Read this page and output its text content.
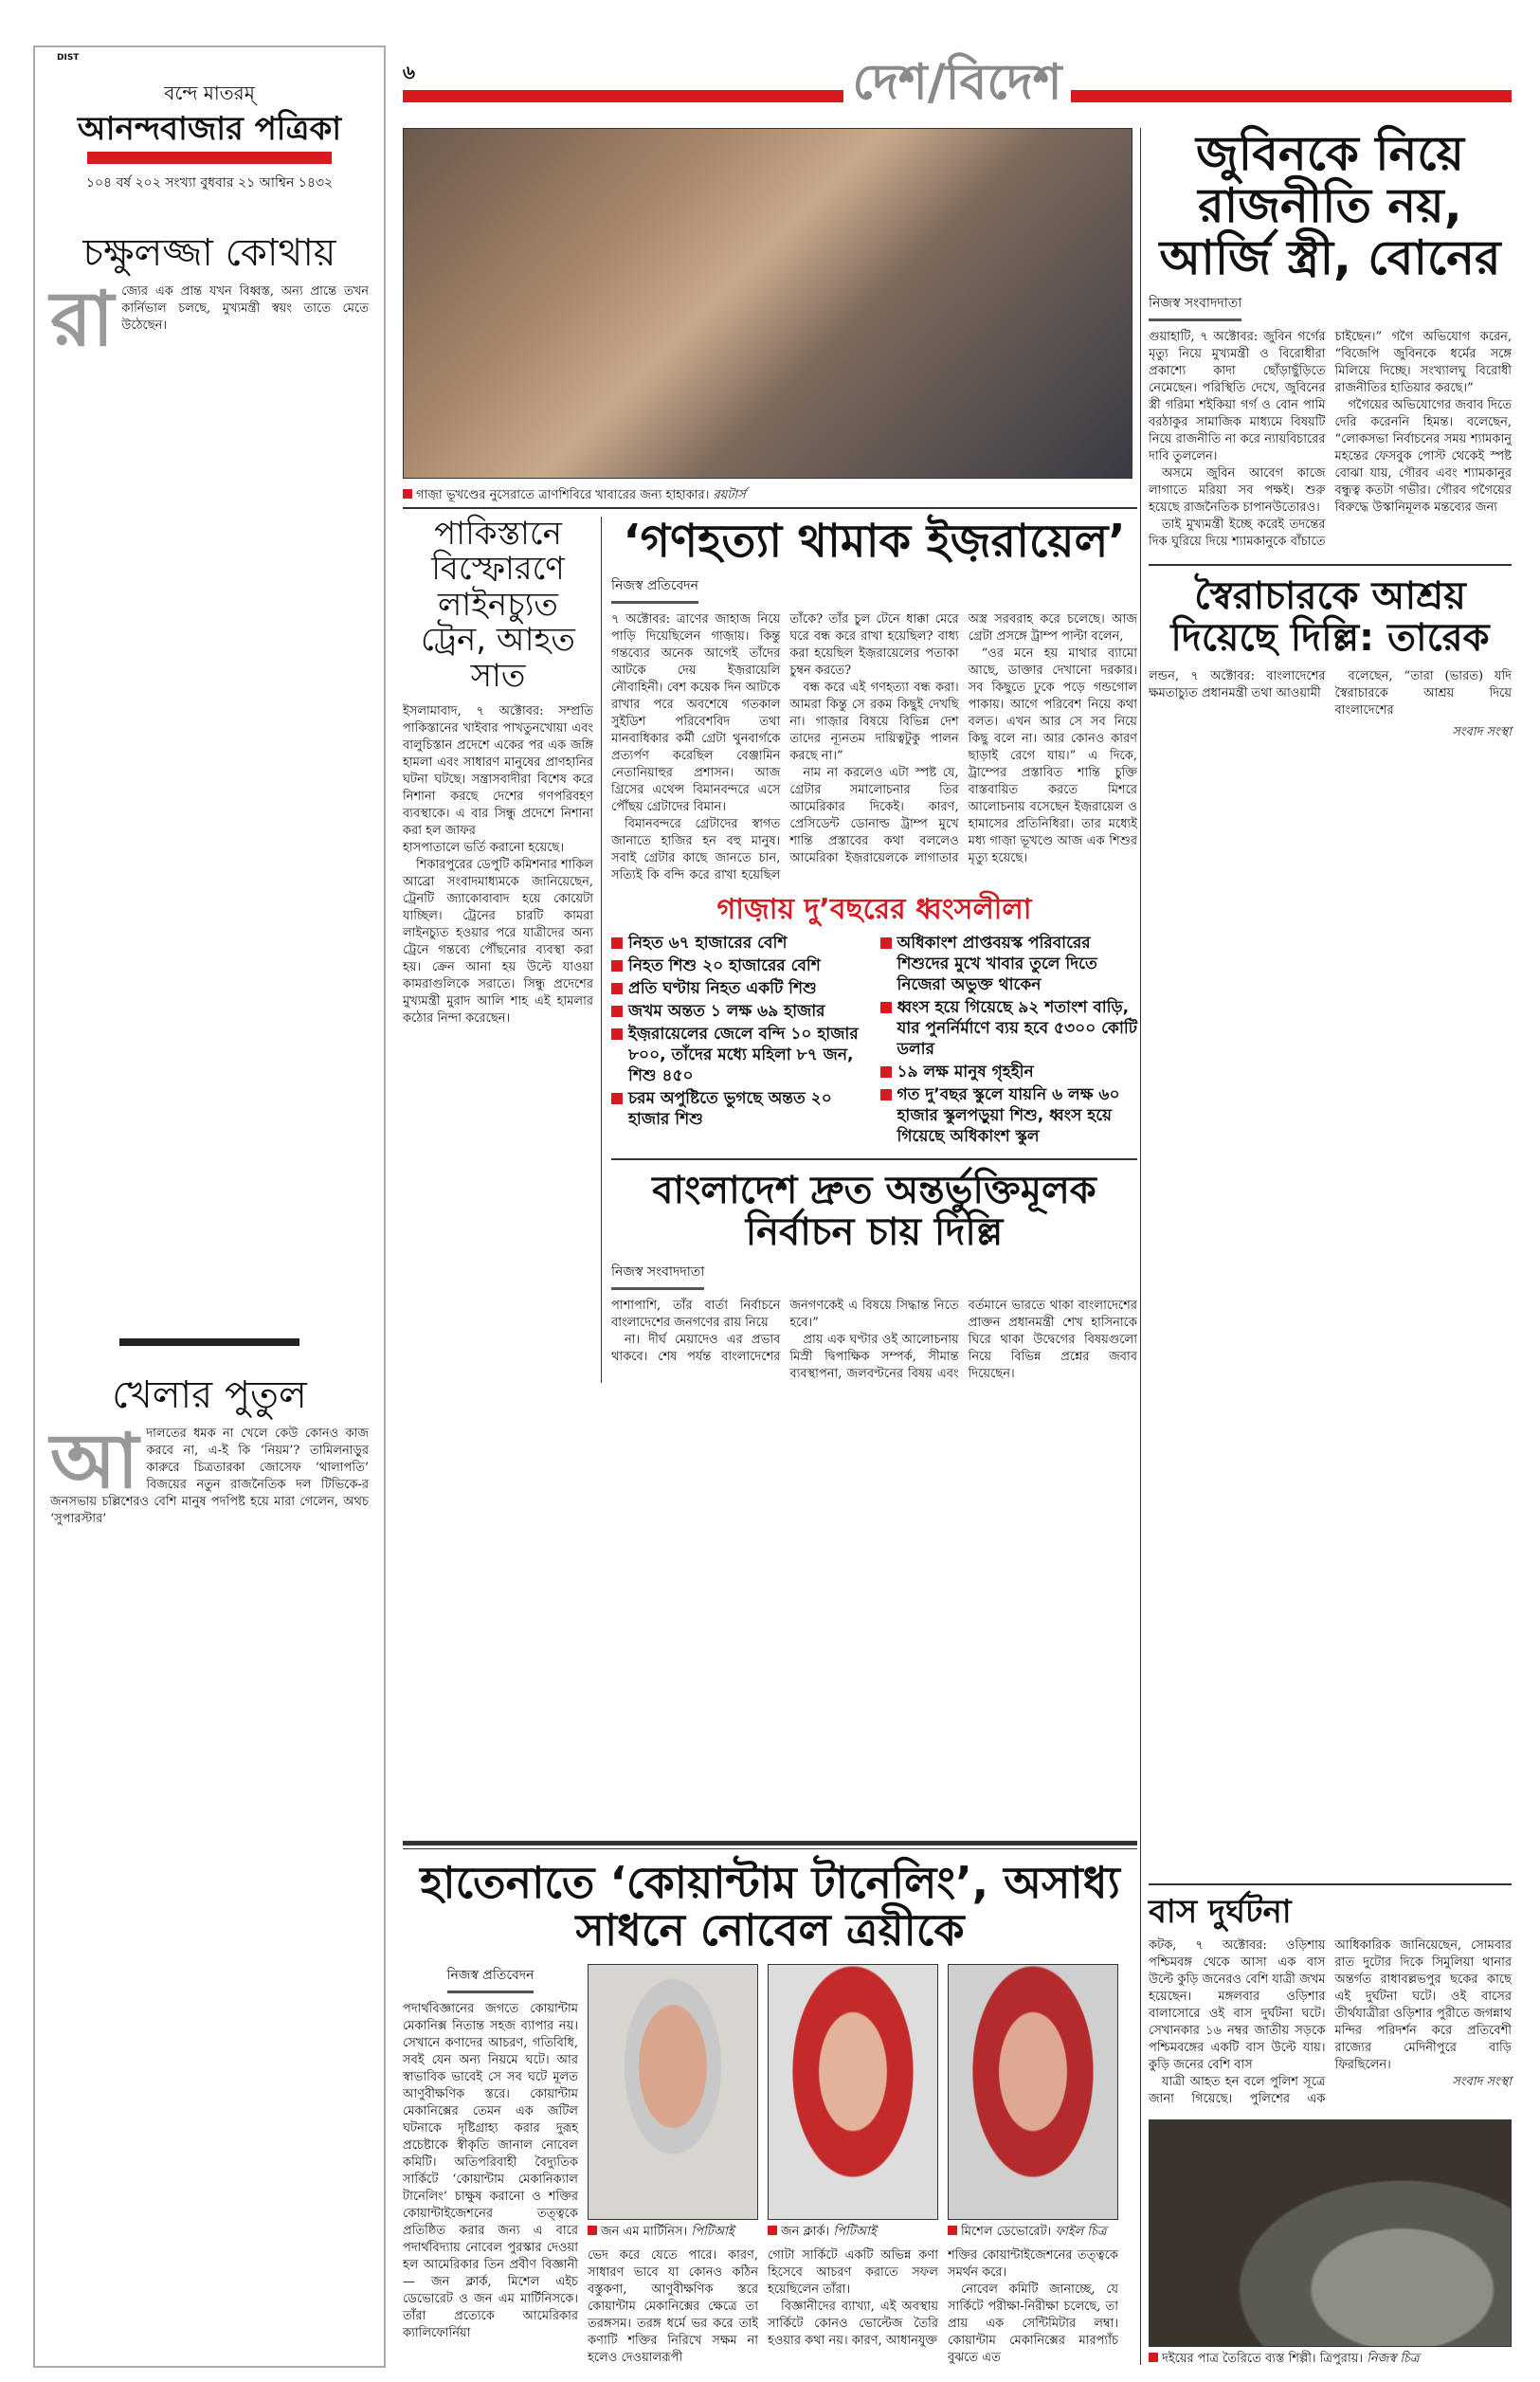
DIST
বন্দে মাতরম্
আনন্দবাজার পত্রিকা
১০৪ বর্ষ ২০২ সংখ্যা বুধবার ২১ আশ্বিন ১৪৩২
চক্ষুলজ্জা কোথায়
রা জ্যের এক প্রান্ত যখন বিধ্বস্ত, অন্য প্রান্তে তখন কার্নিভাল চলছে, মুখ্যমন্ত্রী স্বয়ং তাতে মেতে উঠেছেন।
খেলার পুতুল
আ দালতের ধমক না খেলে কেউ কোনও কাজ করবে না, এ-ই কি ‘নিয়ম’? তামিলনাড়ুর কারুরে চিত্রতারকা জোসেফ ‘থালাপতি’ বিজয়ের নতুন রাজনৈতিক দল টিভিকে-র জনসভায় চল্লিশেরও বেশি মানুষ পদপিষ্ট হয়ে মারা গেলেন, অথচ ‘সুপারস্টার’
৬	দেশ/বিদেশ
গাজ়া ভূখণ্ডের নুসেরাতে ত্রাণশিবিরে খাবারের জন্য হাহাকার। রয়টার্স
পাকিস্তানে বিস্ফোরণে লাইনচ্যুত ট্রেন, আহত সাত

ইসলামাবাদ, ৭ অক্টোবর: সম্প্রতি পাকিস্তানের খাইবার পাখতুনখোয়া এবং বালুচিস্তান প্রদেশে একের পর এক জঙ্গি হামলা এবং সাধারণ মানুষের প্রাণহানির ঘটনা ঘটছে। সন্ত্রাসবাদীরা বিশেষ করে নিশানা করছে দেশের গণপরিবহণ ব্যবস্থাকে। এ বার সিন্ধু প্রদেশে নিশানা করা হল জাফর

হাসপাতালে ভর্তি করানো হয়েছে।

শিকারপুরের ডেপুটি কমিশনার শাকিল আব্রো সংবাদমাধ্যমকে জানিয়েছেন, ট্রেনটি জ্যাকোবাবাদ হয়ে কোয়েটা যাচ্ছিল। ট্রেনের চারটি কামরা লাইনচ্যুত হওয়ার পরে যাত্রীদের অন্য ট্রেনে গন্তব্যে পৌঁছনোর ব্যবস্থা করা হয়। ক্রেন আনা হয় উল্টে যাওয়া কামরাগুলিকে সরাতে। সিন্ধু প্রদেশের মুখ্যমন্ত্রী মুরাদ আলি শাহ এই হামলার কঠোর নিন্দা করেছেন।

‘গণহত্যা থামাক ইজ়রায়েল’
নিজস্ব প্রতিবেদন

৭ অক্টোবর: ত্রাণের জাহাজ নিয়ে পাড়ি দিয়েছিলেন গাজ়ায়। কিন্তু গন্তব্যের অনেক আগেই তাঁদের আটকে দেয় ইজ়রায়েলি নৌবাহিনী। বেশ কয়েক দিন আটকে রাখার পরে অবশেষে গতকাল সুইডিশ পরিবেশবিদ তথা মানবাধিকার কর্মী গ্রেটা থুনবার্গকে প্রত্যর্পণ করেছিল বেঞ্জামিন নেতানিয়াহুর প্রশাসন। আজ গ্রিসের এথেন্স বিমানবন্দরে এসে পৌঁছয় গ্রেটাদের বিমান।

বিমানবন্দরে গ্রেটাদের স্বাগত জানাতে হাজির হন বহু মানুষ। সবাই গ্রেটার কাছে জানতে চান, সত্যিই কি বন্দি করে রাখা হয়েছিল তাঁকে? তাঁর চুল টেনে ধাক্কা মেরে ঘরে বন্ধ করে রাখা হয়েছিল? বাধ্য করা হয়েছিল ইজ়রায়েলের পতাকা চুম্বন করতে?

বন্ধ করে এই গণহত্যা বন্ধ করা। আমরা কিন্তু সে রকম কিছুই দেখছি না। গাজ়ার বিষয়ে বিভিন্ন দেশ তাদের ন্যূনতম দায়িত্বটুকু পালন করছে না।”

নাম না করলেও এটা স্পষ্ট যে, গ্রেটার সমালোচনার তির আমেরিকার দিকেই। কারণ, প্রেসিডেন্ট ডোনাল্ড ট্রাম্প মুখে শান্তি প্রস্তাবের কথা বললেও আমেরিকা ইজ়রায়েলকে লাগাতার অস্ত্র সরবরাহ করে চলেছে। আজ গ্রেটা প্রসঙ্গে ট্রাম্প পাল্টা বলেন,

“ওর মনে হয় মাথার ব্যামো আছে, ডাক্তার দেখানো দরকার। সব কিছুতে ঢুকে পড়ে গন্ডগোল পাকায়। আগে পরিবেশ নিয়ে কথা বলত। এখন আর সে সব নিয়ে কিছু বলে না। আর কোনও কারণ ছাড়াই রেগে যায়।” এ দিকে, ট্রাম্পের প্রস্তাবিত শান্তি চুক্তি বাস্তবায়িত করতে মিশরে আলোচনায় বসেছেন ইজ়রায়েল ও হামাসের প্রতিনিধিরা। তার মধ্যেই মধ্য গাজ়া ভূখণ্ডে আজ এক শিশুর মৃত্যু হয়েছে।

গাজ়ায় দু’বছরের ধ্বংসলীলা
নিহত ৬৭ হাজারের বেশি
নিহত শিশু ২০ হাজারের বেশি
প্রতি ঘণ্টায় নিহত একটি শিশু
জখম অন্তত ১ লক্ষ ৬৯ হাজার
ইজ়রায়েলের জেলে বন্দি ১০ হাজার ৮০০, তাঁদের মধ্যে মহিলা ৮৭ জন, শিশু ৪৫০
চরম অপুষ্টিতে ভুগছে অন্তত ২০ হাজার শিশু
অধিকাংশ প্রাপ্তবয়স্ক পরিবারের শিশুদের মুখে খাবার তুলে দিতে নিজেরা অভুক্ত থাকেন
ধ্বংস হয়ে গিয়েছে ৯২ শতাংশ বাড়ি, যার পুনর্নির্মাণে ব্যয় হবে ৫৩০০ কোটি ডলার
১৯ লক্ষ মানুষ গৃহহীন
গত দু’বছর স্কুলে যায়নি ৬ লক্ষ ৬০ হাজার স্কুলপড়ুয়া শিশু, ধ্বংস হয়ে গিয়েছে অধিকাংশ স্কুল
বাংলাদেশ দ্রুত অন্তর্ভুক্তিমূলক নির্বাচন চায় দিল্লি
নিজস্ব সংবাদদাতা

পাশাপাশি, তাঁর বার্তা নির্বাচনে বাংলাদেশের জনগণের রায় নিয়ে

না। দীর্ঘ মেয়াদেও এর প্রভাব থাকবে। শেষ পর্যন্ত বাংলাদেশের জনগণকেই এ বিষয়ে সিদ্ধান্ত নিতে হবে।”

প্রায় এক ঘণ্টার ওই আলোচনায় মিস্রী দ্বিপাক্ষিক সম্পর্ক, সীমান্ত ব্যবস্থাপনা, জলবণ্টনের বিষয় এবং বর্তমানে ভারতে থাকা বাংলাদেশের প্রাক্তন প্রধানমন্ত্রী শেখ হাসিনাকে ঘিরে থাকা উদ্বেগের বিষয়গুলো নিয়ে বিভিন্ন প্রশ্নের জবাব দিয়েছেন।

হাতেনাতে ‘কোয়ান্টাম টানেলিং’, অসাধ্য সাধনে নোবেল ত্রয়ীকে
নিজস্ব প্রতিবেদন

পদার্থবিজ্ঞানের জগতে কোয়ান্টাম মেকানিক্স নিতান্ত সহজ ব্যাপার নয়। সেখানে কণাদের আচরণ, গতিবিধি, সবই যেন অন্য নিয়মে ঘটে। আর স্বাভাবিক ভাবেই সে সব ঘটে মূলত আণুবীক্ষণিক স্তরে। কোয়ান্টাম মেকানিক্সের তেমন এক জটিল ঘটনাকে দৃষ্টিগ্রাহ্য করার দুরূহ প্রচেষ্টাকে স্বীকৃতি জানাল নোবেল কমিটি। অতিপরিবাহী বৈদ্যুতিক সার্কিটে ‘কোয়ান্টাম মেকানিক্যাল টানেলিং’ চাক্ষুষ করানো ও শক্তির কোয়ান্টাইজেশনের তত্ত্বকে প্রতিষ্ঠিত করার জন্য এ বারে পদার্থবিদ্যায় নোবেল পুরস্কার দেওয়া হল আমেরিকার তিন প্রবীণ বিজ্ঞানী— জন ক্লার্ক, মিশেল এইচ ডেভোরেট ও জন এম মার্টিনিসকে। তাঁরা প্রত্যেকে আমেরিকার ক্যালিফোর্নিয়া

জন এম মার্টিনিস। পিটিআই

ভেদ করে যেতে পারে। কারণ, সাধারণ ভাবে যা কোনও কঠিন বস্তুকণা, আণুবীক্ষণিক স্তরে কোয়ান্টাম মেকানিক্সের ক্ষেত্রে তা তরঙ্গসম। তরঙ্গ ধর্মে ভর করে তাই কণাটি শক্তির নিরিখে সক্ষম না হলেও দেওয়ালরূপী

জন ক্লার্ক। পিটিআই

গোটা সার্কিটে একটি অভিন্ন কণা হিসেবে আচরণ করাতে সফল হয়েছিলেন তাঁরা।

বিজ্ঞানীদের ব্যাখ্যা, এই অবস্থায় সার্কিটে কোনও ভোল্টেজ তৈরি হওয়ার কথা নয়। কারণ, আধানযুক্ত

মিশেল ডেভোরেট। ফাইল চিত্র

শক্তির কোয়ান্টাইজেশনের তত্ত্বকে সমর্থন করে।

নোবেল কমিটি জানাচ্ছে, যে সার্কিটে পরীক্ষা-নিরীক্ষা চলেছে, তা প্রায় এক সেন্টিমিটার লম্বা। কোয়ান্টাম মেকানিক্সের মারপ্যাঁচ বুঝতে এত

জুবিনকে নিয়ে রাজনীতি নয়, আর্জি স্ত্রী, বোনের
নিজস্ব সংবাদদাতা

গুয়াহাটি, ৭ অক্টোবর: জুবিন গর্গের মৃত্যু নিয়ে মুখ্যমন্ত্রী ও বিরোধীরা প্রকাশ্যে কাদা ছোঁড়াছুঁড়িতে নেমেছেন। পরিস্থিতি দেখে, জুবিনের স্ত্রী গরিমা শইকিয়া গর্গ ও বোন পামি বরঠাকুর সামাজিক মাধ্যমে বিষয়টি নিয়ে রাজনীতি না করে ন্যায়বিচারের দাবি তুললেন।

অসমে জুবিন আবেগ কাজে লাগাতে মরিয়া সব পক্ষই। শুরু হয়েছে রাজনৈতিক চাপানউতোরও।

তাই মুখ্যমন্ত্রী ইচ্ছে করেই তদন্তের দিক ঘুরিয়ে দিয়ে শ্যামকানুকে বাঁচাতে চাইছেন।” গগৈ অভিযোগ করেন, “বিজেপি জুবিনকে ধর্মের সঙ্গে মিলিয়ে দিচ্ছে। সংখ্যালঘু বিরোধী রাজনীতির হাতিয়ার করছে।”

গগৈয়ের অভিযোগের জবাব দিতে দেরি করেননি হিমন্ত। বলেছেন, “লোকসভা নির্বাচনের সময় শ্যামকানু মহন্তের ফেসবুক পোস্ট থেকেই স্পষ্ট বোঝা যায়, গৌরব এবং শ্যামকানুর বন্ধুত্ব কতটা গভীর। গৌরব গগৈয়ের বিরুদ্ধে উস্কানিমূলক মন্তব্যের জন্য

স্বৈরাচারকে আশ্রয় দিয়েছে দিল্লি: তারেক

লন্ডন, ৭ অক্টোবর: বাংলাদেশের ক্ষমতাচ্যুত প্রধানমন্ত্রী তথা আওয়ামী

বলেছেন, “তারা (ভারত) যদি স্বৈরাচারকে আশ্রয় দিয়ে বাংলাদেশের

সংবাদ সংস্থা
বাস দুর্ঘটনা

কটক, ৭ অক্টোবর: ওড়িশায় পশ্চিমবঙ্গ থেকে আসা এক বাস উল্টে কুড়ি জনেরও বেশি যাত্রী জখম হয়েছেন। মঙ্গলবার ওড়িশার বালাসোরে ওই বাস দুর্ঘটনা ঘটে। সেখানকার ১৬ নম্বর জাতীয় সড়কে পশ্চিমবঙ্গের একটি বাস উল্টে যায়। কুড়ি জনের বেশি বাস

যাত্রী আহত হন বলে পুলিশ সূত্রে জানা গিয়েছে। পুলিশের এক আধিকারিক জানিয়েছেন, সোমবার রাত দুটোর দিকে সিমুলিয়া থানার অন্তর্গত রাধাবল্লভপুর ছকের কাছে এই দুর্ঘটনা ঘটে। ওই বাসের তীর্থযাত্রীরা ওড়িশার পুরীতে জগন্নাথ মন্দির পরিদর্শন করে প্রতিবেশী রাজ্যের মেদিনীপুরে বাড়ি ফিরছিলেন।

সংবাদ সংস্থা
দইয়ের পাত্র তৈরিতে ব্যস্ত শিল্পী। ত্রিপুরায়। নিজস্ব চিত্র
